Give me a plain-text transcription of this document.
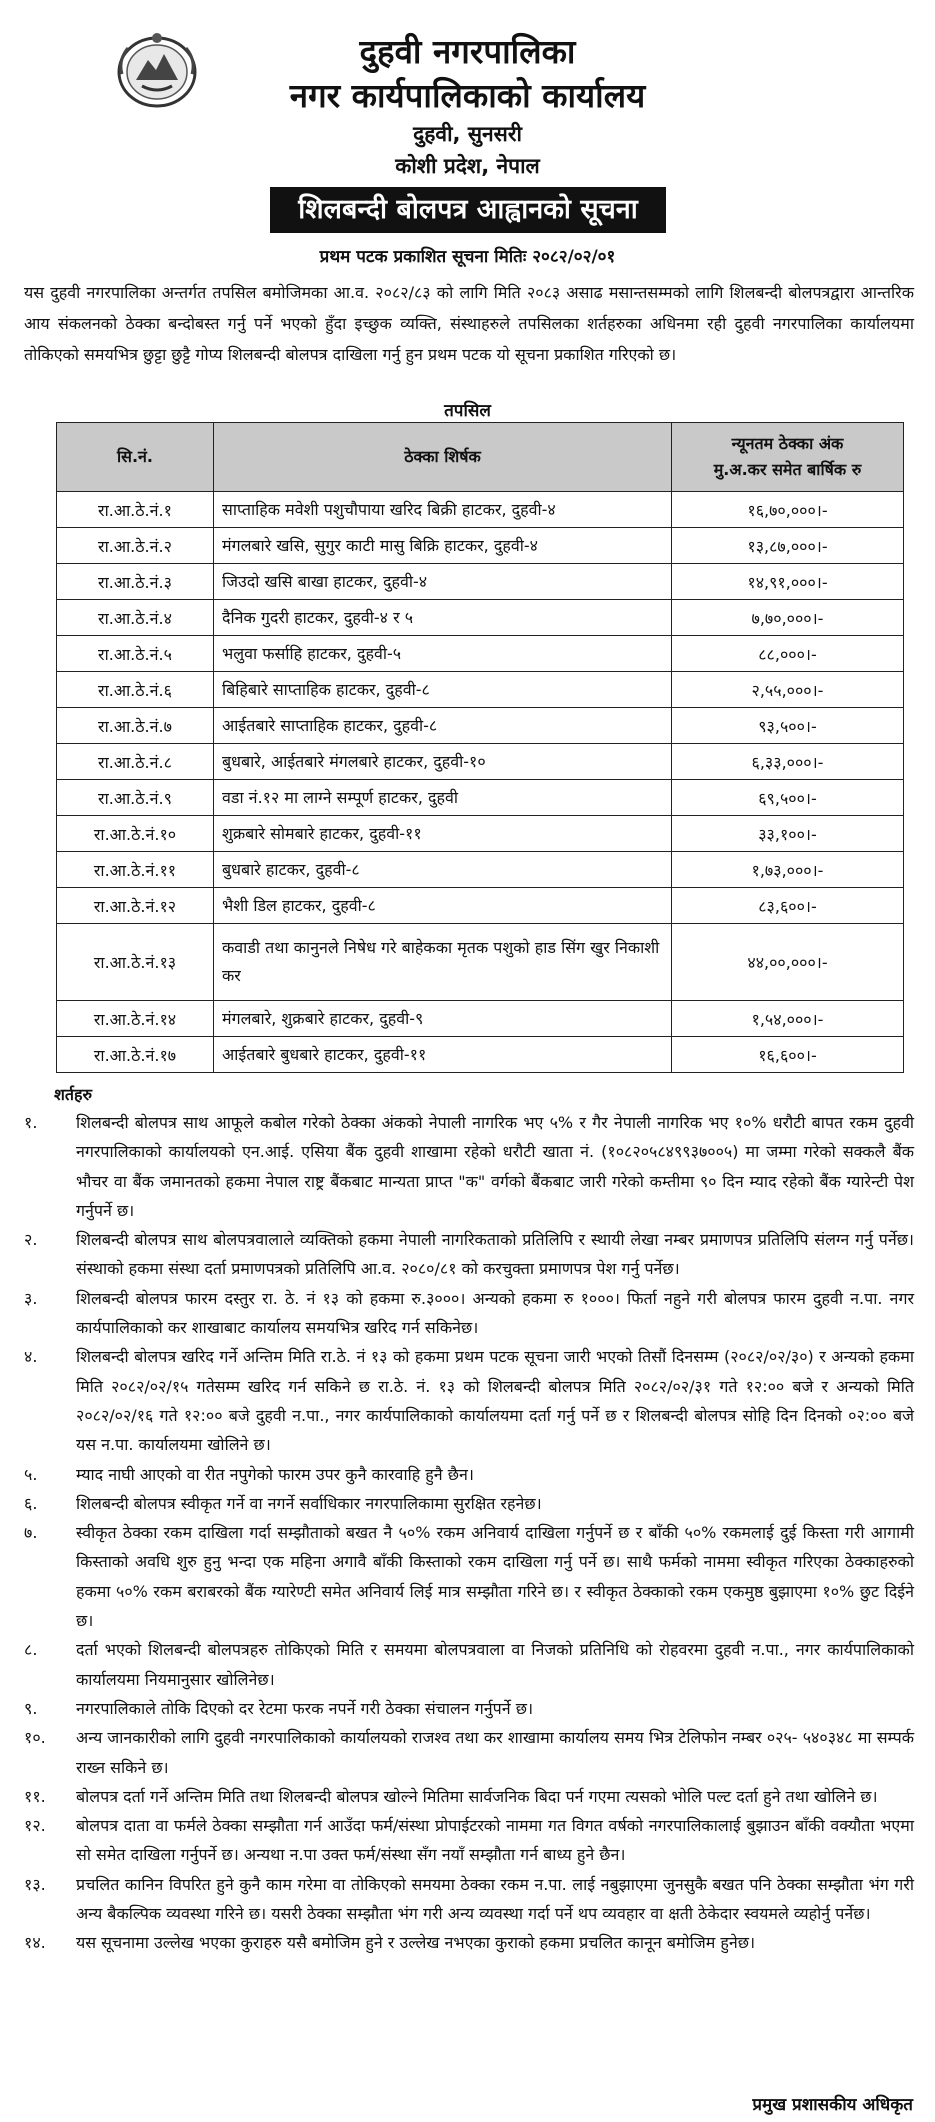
दुहवी नगरपालिका
नगर कार्यपालिकाको कार्यालय
दुहवी, सुनसरी
कोशी प्रदेश, नेपाल
शिलबन्दी बोलपत्र आह्वानको सूचना
प्रथम पटक प्रकाशित सूचना मितिः २०८२/०२/०१
यस दुहवी नगरपालिका अन्तर्गत तपसिल बमोजिमका आ.व. २०८२/८३ को लागि मिति २०८३ असाढ मसान्तसम्मको लागि शिलबन्दी बोलपत्रद्वारा आन्तरिक आय संकलनको ठेक्का बन्दोबस्त गर्नु पर्ने भएको हुँदा इच्छुक व्यक्ति, संस्थाहरुले तपसिलका शर्तहरुका अधिनमा रही दुहवी नगरपालिका कार्यालयमा तोकिएको समयभित्र छुट्टा छुट्टै गोप्य शिलबन्दी बोलपत्र दाखिला गर्नु हुन प्रथम पटक यो सूचना प्रकाशित गरिएको छ।
तपसिल
सि.नं.	ठेक्का शिर्षक	न्यूनतम ठेक्का अंक
मु.अ.कर समेत बार्षिक रु

रा.आ.ठे.नं.१	साप्ताहिक मवेशी पशुचौपाया खरिद बिक्री हाटकर, दुहवी-४	१६,७०,०००।-
रा.आ.ठे.नं.२	मंगलबारे खसि, सुगुर काटी मासु बिक्रि हाटकर, दुहवी-४	१३,८७,०००।-
रा.आ.ठे.नं.३	जिउदो खसि बाखा हाटकर, दुहवी-४	१४,९१,०००।-
रा.आ.ठे.नं.४	दैनिक गुदरी हाटकर, दुहवी-४ र ५	७,७०,०००।-
रा.आ.ठे.नं.५	भलुवा फर्साहि हाटकर, दुहवी-५	८८,०००।-
रा.आ.ठे.नं.६	बिहिबारे साप्ताहिक हाटकर, दुहवी-८	२,५५,०००।-
रा.आ.ठे.नं.७	आईतबारे साप्ताहिक हाटकर, दुहवी-८	९३,५००।-
रा.आ.ठे.नं.८	बुधबारे, आईतबारे मंगलबारे हाटकर, दुहवी-१०	६,३३,०००।-
रा.आ.ठे.नं.९	वडा नं.१२ मा लाग्ने सम्पूर्ण हाटकर, दुहवी	६९,५००।-
रा.आ.ठे.नं.१०	शुक्रबारे सोमबारे हाटकर, दुहवी-११	३३,१००।-
रा.आ.ठे.नं.११	बुधबारे हाटकर, दुहवी-८	१,७३,०००।-
रा.आ.ठे.नं.१२	भैशी डिल हाटकर, दुहवी-८	८३,६००।-
रा.आ.ठे.नं.१३	कवाडी तथा कानुनले निषेध गरे बाहेकका मृतक पशुको हाड सिंग खुर निकाशी कर	४४,००,०००।-
रा.आ.ठे.नं.१४	मंगलबारे, शुक्रबारे हाटकर, दुहवी-९	१,५४,०००।-
रा.आ.ठे.नं.१७	आईतबारे बुधबारे हाटकर, दुहवी-११	१६,६००।-
शर्तहरु
१.	शिलबन्दी बोलपत्र साथ आफूले कबोल गरेको ठेक्का अंकको नेपाली नागरिक भए ५% र गैर नेपाली नागरिक भए १०% धरौटी बापत रकम दुहवी नगरपालिकाको कार्यालयको एन.आई. एसिया बैंक दुहवी शाखामा रहेको धरौटी खाता नं. (१०८२०५८४९९३७००५) मा जम्मा गरेको सक्कलै बैंक भौचर वा बैंक जमानतको हकमा नेपाल राष्ट्र बैंकबाट मान्यता प्राप्त "क" वर्गको बैंकबाट जारी गरेको कम्तीमा ९० दिन म्याद रहेको बैंक ग्यारेन्टी पेश गर्नुपर्ने छ।
२.	शिलबन्दी बोलपत्र साथ बोलपत्रवालाले व्यक्तिको हकमा नेपाली नागरिकताको प्रतिलिपि र स्थायी लेखा नम्बर प्रमाणपत्र प्रतिलिपि संलग्न गर्नु पर्नेछ। संस्थाको हकमा संस्था दर्ता प्रमाणपत्रको प्रतिलिपि आ.व. २०८०/८१ को करचुक्ता प्रमाणपत्र पेश गर्नु पर्नेछ।
३.	शिलबन्दी बोलपत्र फारम दस्तुर रा. ठे. नं १३ को हकमा रु.३०००। अन्यको हकमा रु १०००। फिर्ता नहुने गरी बोलपत्र फारम दुहवी न.पा. नगर कार्यपालिकाको कर शाखाबाट कार्यालय समयभित्र खरिद गर्न सकिनेछ।
४.	शिलबन्दी बोलपत्र खरिद गर्ने अन्तिम मिति रा.ठे. नं १३ को हकमा प्रथम पटक सूचना जारी भएको तिसौं दिनसम्म (२०८२/०२/३०) र अन्यको हकमा मिति २०८२/०२/१५ गतेसम्म खरिद गर्न सकिने छ रा.ठे. नं. १३ को शिलबन्दी बोलपत्र मिति २०८२/०२/३१ गते १२:०० बजे र अन्यको मिति २०८२/०२/१६ गते १२:०० बजे दुहवी न.पा., नगर कार्यपालिकाको कार्यालयमा दर्ता गर्नु पर्ने छ र शिलबन्दी बोलपत्र सोहि दिन दिनको ०२:०० बजे यस न.पा. कार्यालयमा खोलिने छ।
५.	म्याद नाघी आएको वा रीत नपुगेको फारम उपर कुनै कारवाहि हुनै छैन।
६.	शिलबन्दी बोलपत्र स्वीकृत गर्ने वा नगर्ने सर्वाधिकार नगरपालिकामा सुरक्षित रहनेछ।
७.	स्वीकृत ठेक्का रकम दाखिला गर्दा सम्झौताको बखत नै ५०% रकम अनिवार्य दाखिला गर्नुपर्ने छ र बाँकी ५०% रकमलाई दुई किस्ता गरी आगामी किस्ताको अवधि शुरु हुनु भन्दा एक महिना अगावै बाँकी किस्ताको रकम दाखिला गर्नु पर्ने छ। साथै फर्मको नाममा स्वीकृत गरिएका ठेक्काहरुको हकमा ५०% रकम बराबरको बैंक ग्यारेण्टी समेत अनिवार्य लिई मात्र सम्झौता गरिने छ। र स्वीकृत ठेक्काको रकम एकमुष्ठ बुझाएमा १०% छुट दिईने छ।
८.	दर्ता भएको शिलबन्दी बोलपत्रहरु तोकिएको मिति र समयमा बोलपत्रवाला वा निजको प्रतिनिधि को रोहवरमा दुहवी न.पा., नगर कार्यपालिकाको कार्यालयमा नियमानुसार खोलिनेछ।
९.	नगरपालिकाले तोकि दिएको दर रेटमा फरक नपर्ने गरी ठेक्का संचालन गर्नुपर्ने छ।
१०.	अन्य जानकारीको लागि दुहवी नगरपालिकाको कार्यालयको राजश्व तथा कर शाखामा कार्यालय समय भित्र टेलिफोन नम्बर ०२५- ५४०३४८ मा सम्पर्क राख्न सकिने छ।
११.	बोलपत्र दर्ता गर्ने अन्तिम मिति तथा शिलबन्दी बोलपत्र खोल्ने मितिमा सार्वजनिक बिदा पर्न गएमा त्यसको भोलि पल्ट दर्ता हुने तथा खोलिने छ।
१२.	बोलपत्र दाता वा फर्मले ठेक्का सम्झौता गर्न आउँदा फर्म/संस्था प्रोपाईटरको नाममा गत विगत वर्षको नगरपालिकालाई बुझाउन बाँकी वक्यौता भएमा सो समेत दाखिला गर्नुपर्ने छ। अन्यथा न.पा उक्त फर्म/संस्था सँग नयाँ सम्झौता गर्न बाध्य हुने छैन।
१३.	प्रचलित कानिन विपरित हुने कुनै काम गरेमा वा तोकिएको समयमा ठेक्का रकम न.पा. लाई नबुझाएमा जुनसुकै बखत पनि ठेक्का सम्झौता भंग गरी अन्य बैकल्पिक व्यवस्था गरिने छ। यसरी ठेक्का सम्झौता भंग गरी अन्य व्यवस्था गर्दा पर्ने थप व्यवहार वा क्षती ठेकेदार स्वयमले व्यहोर्नु पर्नेछ।
१४.	यस सूचनामा उल्लेख भएका कुराहरु यसै बमोजिम हुने र उल्लेख नभएका कुराको हकमा प्रचलित कानून बमोजिम हुनेछ।
प्रमुख प्रशासकीय अधिकृत
